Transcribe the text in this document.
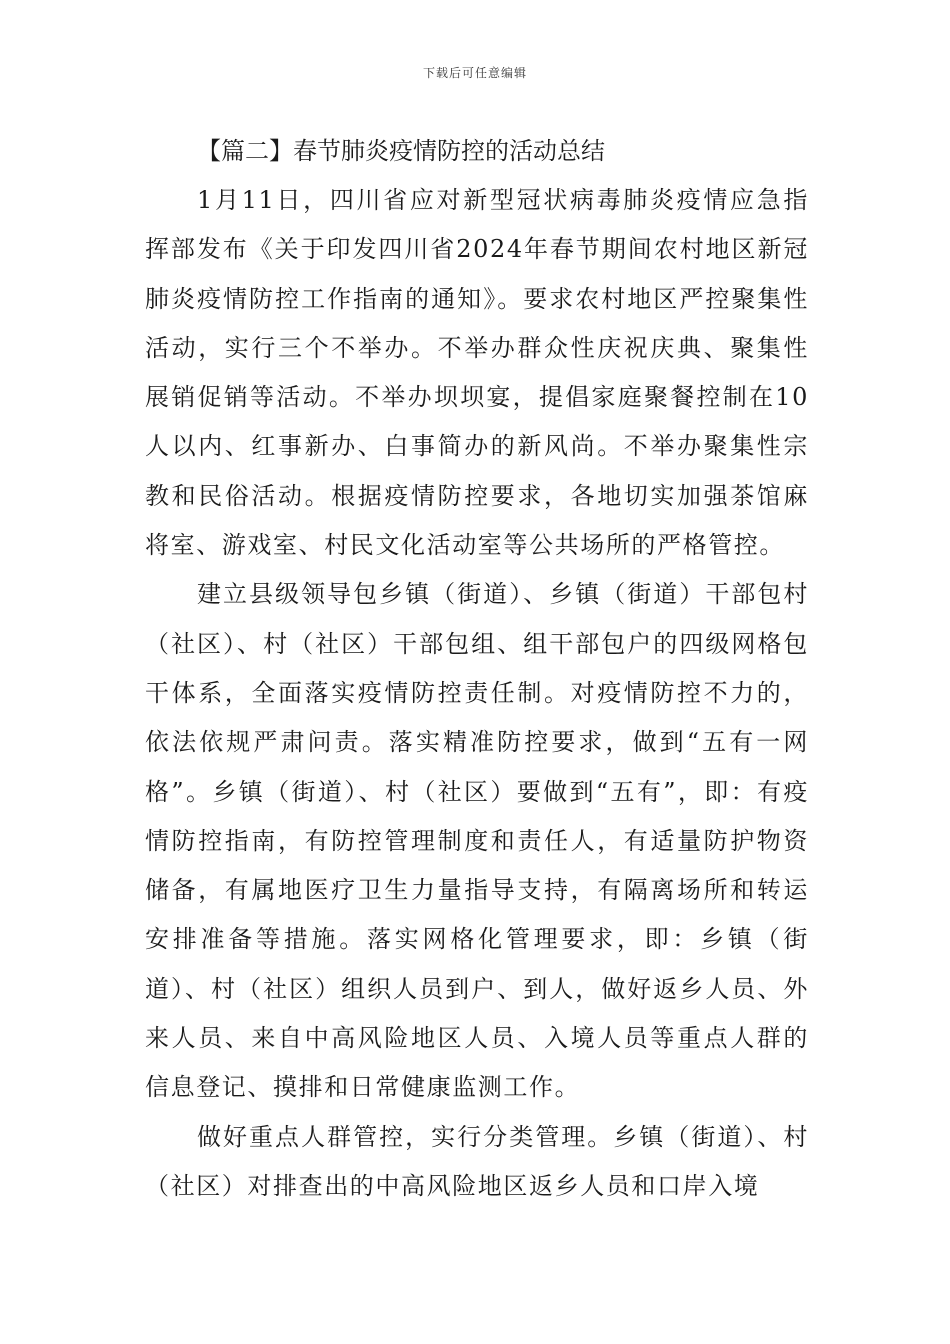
下载后可任意编辑
【篇二】春节肺炎疫情防控的活动总结

1月11日，四川省应对新型冠状病毒肺炎疫情应急指挥部发布《关于印发四川省2024年春节期间农村地区新冠肺炎疫情防控工作指南的通知》。要求农村地区严控聚集性活动，实行三个不举办。不举办群众性庆祝庆典、聚集性展销促销等活动。不举办坝坝宴，提倡家庭聚餐控制在10人以内、红事新办、白事简办的新风尚。不举办聚集性宗教和民俗活动。根据疫情防控要求，各地切实加强茶馆麻将室、游戏室、村民文化活动室等公共场所的严格管控。

建立县级领导包乡镇（街道）、乡镇（街道）干部包村（社区）、村（社区）干部包组、组干部包户的四级网格包干体系，全面落实疫情防控责任制。对疫情防控不力的，依法依规严肃问责。落实精准防控要求，做到“五有一网格”。乡镇（街道）、村（社区）要做到“五有”，即：有疫情防控指南，有防控管理制度和责任人，有适量防护物资储备，有属地医疗卫生力量指导支持，有隔离场所和转运安排准备等措施。落实网格化管理要求，即：乡镇（街道）、村（社区）组织人员到户、到人，做好返乡人员、外来人员、来自中高风险地区人员、入境人员等重点人群的信息登记、摸排和日常健康监测工作。

做好重点人群管控，实行分类管理。乡镇（街道）、村（社区）对排查出的中高风险地区返乡人员和口岸入境
